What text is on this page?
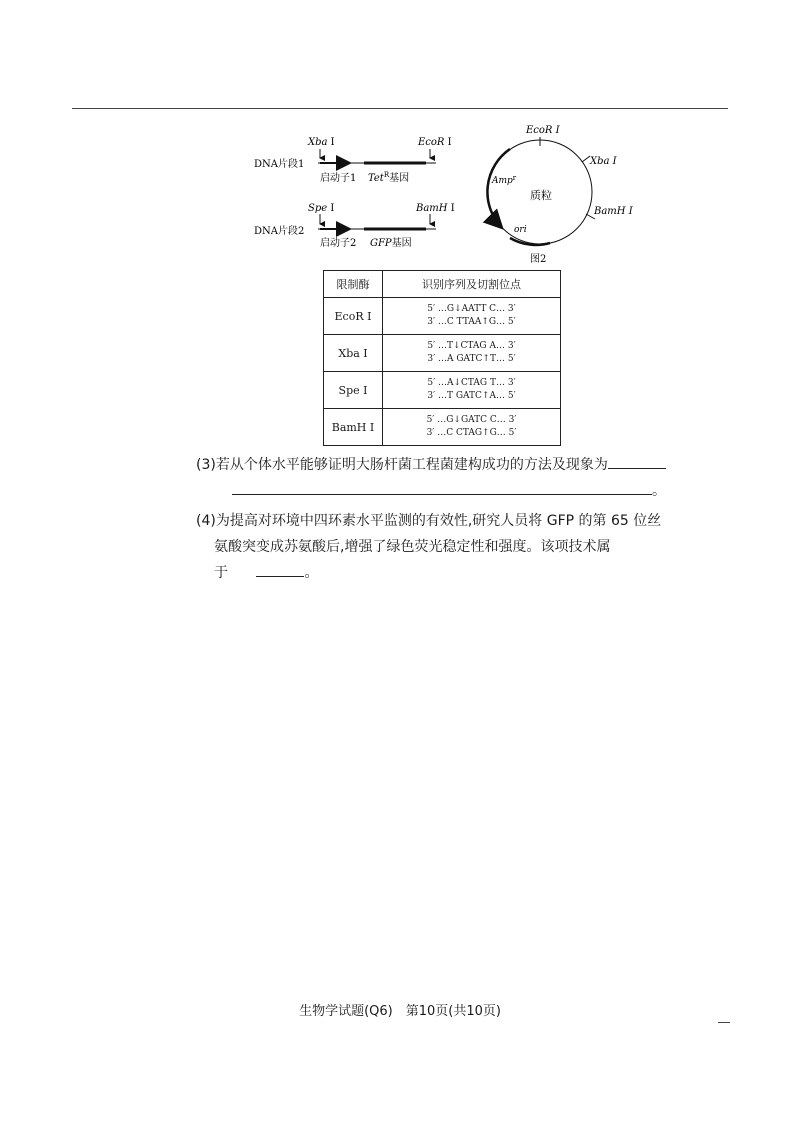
DNA片段1
Xba Ⅰ	EcoR Ⅰ
启动子1 Tet$^R$基因
DNA片段2
Spe Ⅰ	BamH Ⅰ
启动子2 GFP基因
EcoR Ⅰ
Xba Ⅰ
BamH Ⅰ
质粒
Amp$^r$
ori
图2
限制酶	识别序列及切割位点
EcoR Ⅰ	5′ …G↓AATT C… 3′
3′ …C TTAA↑G… 5′
Xba Ⅰ	5′ …T↓CTAG A… 3′
3′ …A GATC↑T… 5′
Spe Ⅰ	5′ …A↓CTAG T… 3′
3′ …T GATC↑A… 5′
BamH Ⅰ	5′ …G↓GATC C… 3′
3′ …C CTAG↑G… 5′
(3)若从个体水平能够证明大肠杆菌工程菌建构成功的方法及现象为
。
(4)为提高对环境中四环素水平监测的有效性,研究人员将 GFP 的第 65 位丝
氨酸突变成苏氨酸后,增强了绿色荧光稳定性和强度。该项技术属
于	。
生物学试题(Q6)　第10页(共10页)
